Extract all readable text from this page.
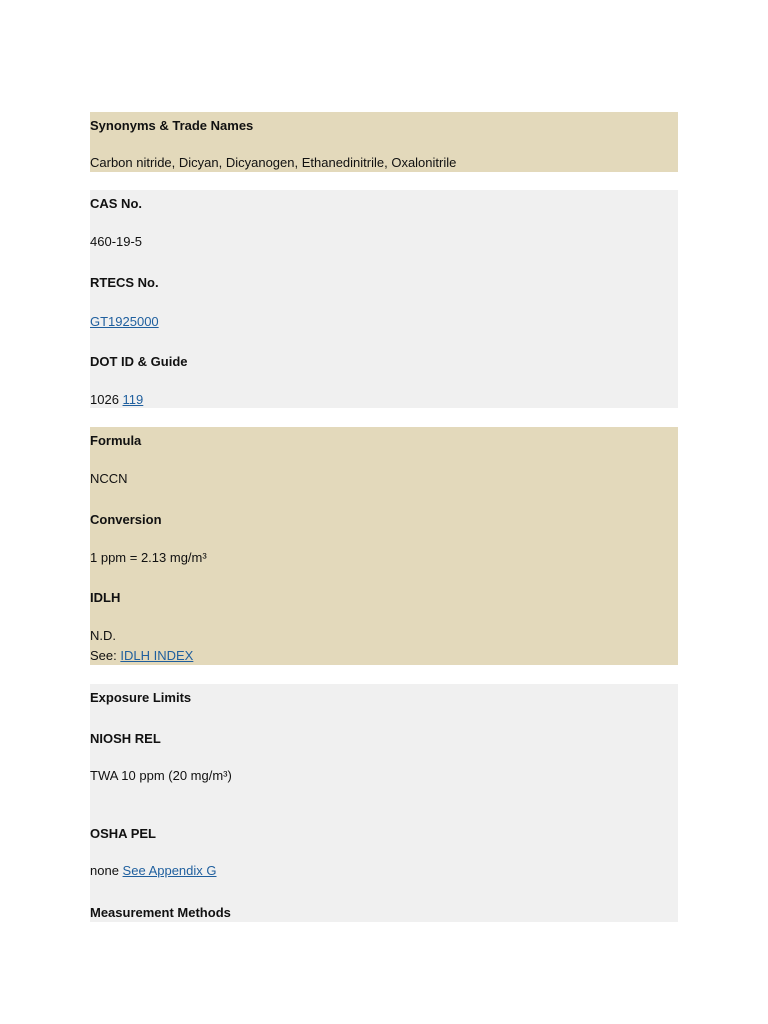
Synonyms & Trade Names
Carbon nitride, Dicyan, Dicyanogen, Ethanedinitrile, Oxalonitrile
CAS No.
460-19-5
RTECS No.
GT1925000
DOT ID & Guide
1026 119
Formula
NCCN
Conversion
1 ppm = 2.13 mg/m³
IDLH
N.D.
See: IDLH INDEX
Exposure Limits
NIOSH REL
TWA 10 ppm (20 mg/m³)
OSHA PEL
none See Appendix G
Measurement Methods
